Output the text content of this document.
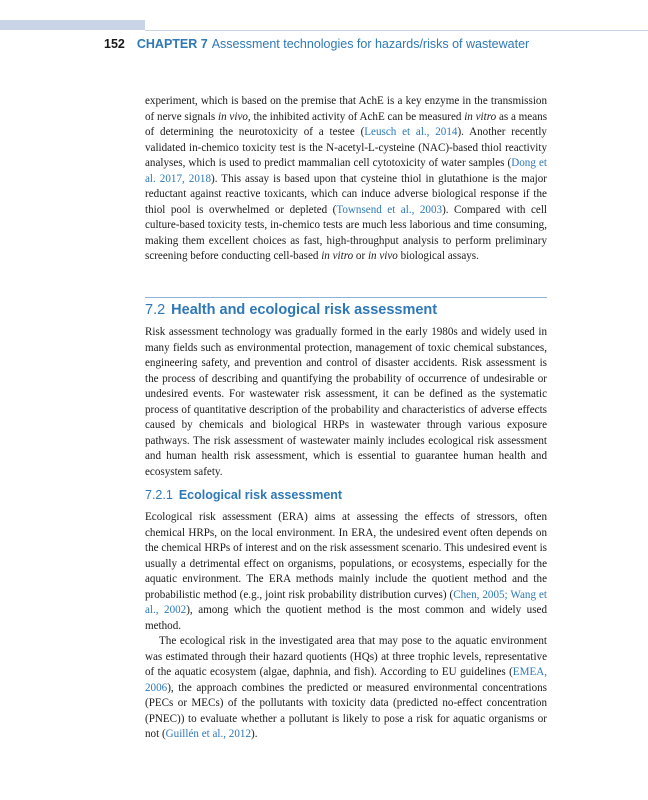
152 CHAPTER 7 Assessment technologies for hazards/risks of wastewater

experiment, which is based on the premise that AchE is a key enzyme in the transmission of nerve signals in vivo, the inhibited activity of AchE can be measured in vitro as a means of determining the neurotoxicity of a testee (Leusch et al., 2014). Another recently validated in-chemico toxicity test is the N-acetyl-L-cysteine (NAC)-based thiol reactivity analyses, which is used to predict mammalian cell cytotoxicity of water samples (Dong et al. 2017, 2018). This assay is based upon that cysteine thiol in glutathione is the major reductant against reactive toxicants, which can induce adverse biological response if the thiol pool is overwhelmed or depleted (Townsend et al., 2003). Compared with cell culture-based toxicity tests, in-chemico tests are much less laborious and time consuming, making them excellent choices as fast, high-throughput analysis to perform preliminary screening before conducting cell-based in vitro or in vivo biological assays.

7.2 Health and ecological risk assessment

Risk assessment technology was gradually formed in the early 1980s and widely used in many fields such as environmental protection, management of toxic chemical substances, engineering safety, and prevention and control of disaster accidents. Risk assessment is the process of describing and quantifying the probability of occurrence of undesirable or undesired events. For wastewater risk assessment, it can be defined as the systematic process of quantitative description of the probability and characteristics of adverse effects caused by chemicals and biological HRPs in wastewater through various exposure pathways. The risk assessment of wastewater mainly includes ecological risk assessment and human health risk assessment, which is essential to guarantee human health and ecosystem safety.

7.2.1 Ecological risk assessment

Ecological risk assessment (ERA) aims at assessing the effects of stressors, often chemical HRPs, on the local environment. In ERA, the undesired event often depends on the chemical HRPs of interest and on the risk assessment scenario. This undesired event is usually a detrimental effect on organisms, populations, or ecosystems, especially for the aquatic environment. The ERA methods mainly include the quotient method and the probabilistic method (e.g., joint risk probability distribution curves) (Chen, 2005; Wang et al., 2002), among which the quotient method is the most common and widely used method.

The ecological risk in the investigated area that may pose to the aquatic environment was estimated through their hazard quotients (HQs) at three trophic levels, representative of the aquatic ecosystem (algae, daphnia, and fish). According to EU guidelines (EMEA, 2006), the approach combines the predicted or measured environmental concentrations (PECs or MECs) of the pollutants with toxicity data (predicted no-effect concentration (PNEC)) to evaluate whether a pollutant is likely to pose a risk for aquatic organisms or not (Guillén et al., 2012).
